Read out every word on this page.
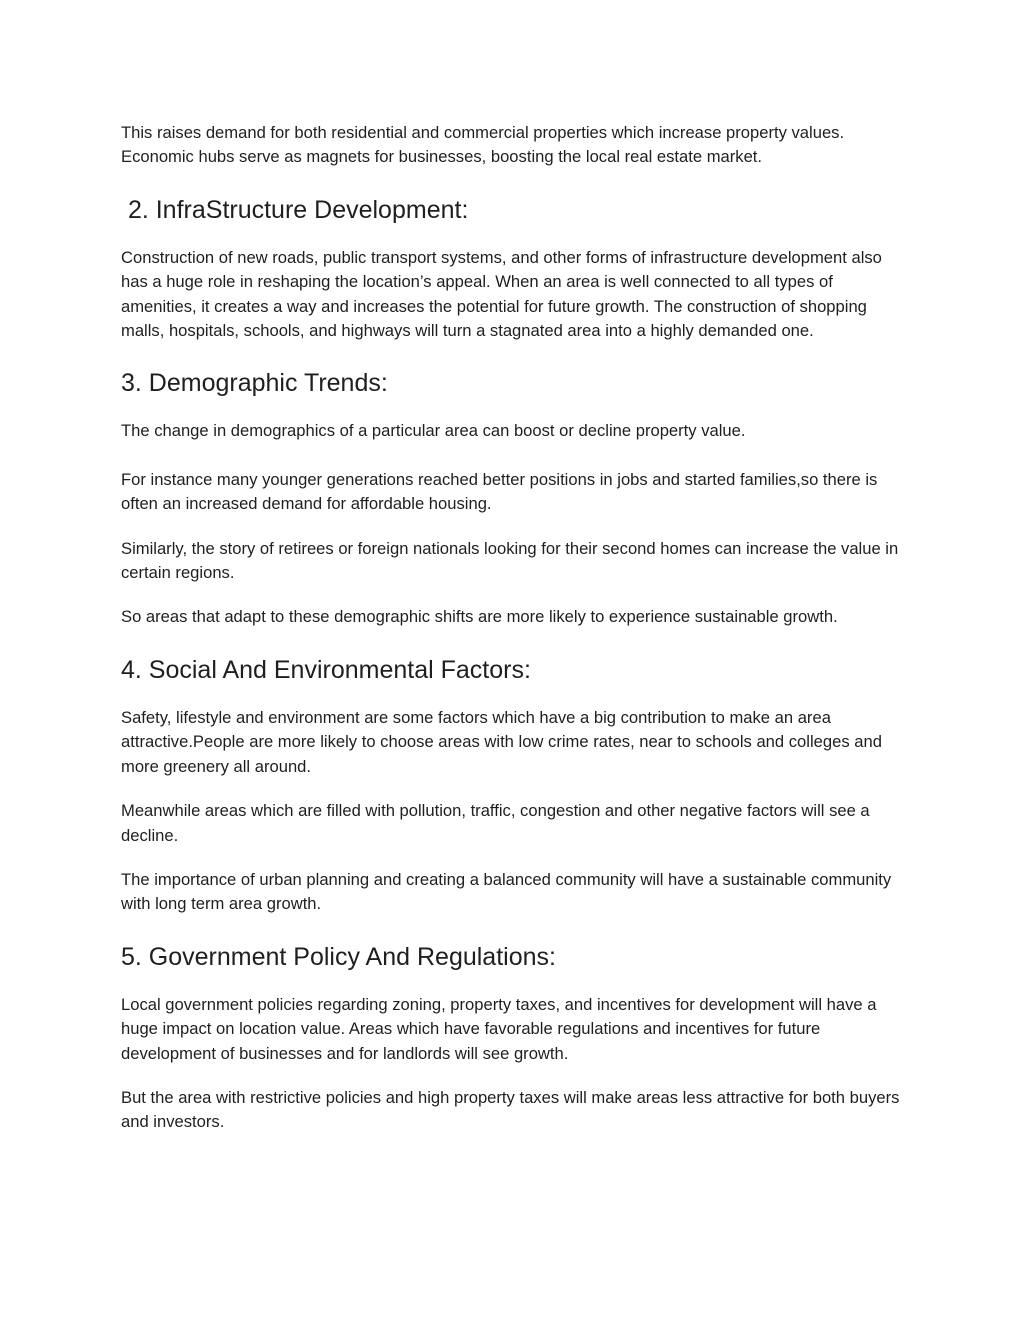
This raises demand for both residential and commercial properties which increase property values. Economic hubs serve as magnets for businesses, boosting the local real estate market.

2. InfraStructure Development:

Construction of new roads, public transport systems, and other forms of infrastructure development also has a huge role in reshaping the location’s appeal. When an area is well connected to all types of amenities, it creates a way and increases the potential for future growth. The construction of shopping malls, hospitals, schools, and highways will turn a stagnated area into a highly demanded one.

3. Demographic Trends:

The change in demographics of a particular area can boost or decline property value.

For instance many younger generations reached better positions in jobs and started families,so there is often an increased demand for affordable housing.

Similarly, the story of retirees or foreign nationals looking for their second homes can increase the value in certain regions.

So areas that adapt to these demographic shifts are more likely to experience sustainable growth.

4. Social And Environmental Factors:

Safety, lifestyle and environment are some factors which have a big contribution to make an area attractive.People are more likely to choose areas with low crime rates, near to schools and colleges and more greenery all around.

Meanwhile areas which are filled with pollution, traffic, congestion and other negative factors will see a decline.

The importance of urban planning and creating a balanced community will have a sustainable community with long term area growth.

5. Government Policy And Regulations:

Local government policies regarding zoning, property taxes, and incentives for development will have a huge impact on location value. Areas which have favorable regulations and incentives for future development of businesses and for landlords will see growth.

But the area with restrictive policies and high property taxes will make areas less attractive for both buyers and investors.
